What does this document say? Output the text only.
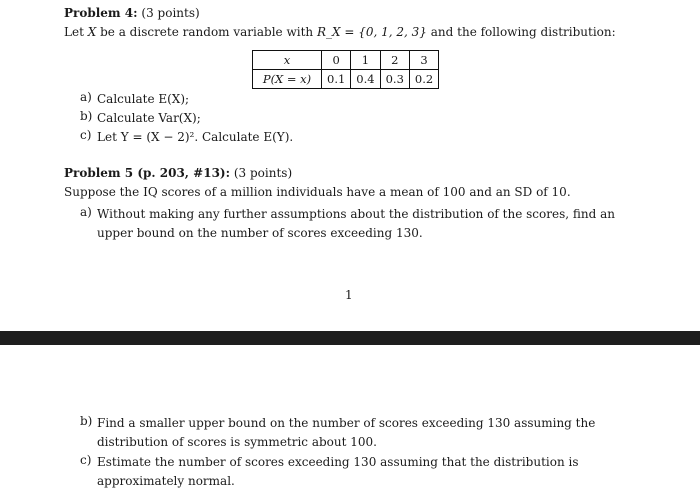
Problem 4: (3 points)
Let X be a discrete random variable with R_X = {0, 1, 2, 3} and the following distribution:
x	0	1	2	3
P(X = x)	0.1	0.4	0.3	0.2
a) Calculate E(X);
b) Calculate Var(X);
c) Let Y = (X − 2)². Calculate E(Y).
Problem 5 (p. 203, #13): (3 points)
Suppose the IQ scores of a million individuals have a mean of 100 and an SD of 10.
a) Without making any further assumptions about the distribution of the scores, find an upper bound on the number of scores exceeding 130.
1
b) Find a smaller upper bound on the number of scores exceeding 130 assuming the distribution of scores is symmetric about 100.
c) Estimate the number of scores exceeding 130 assuming that the distribution is approximately normal.
